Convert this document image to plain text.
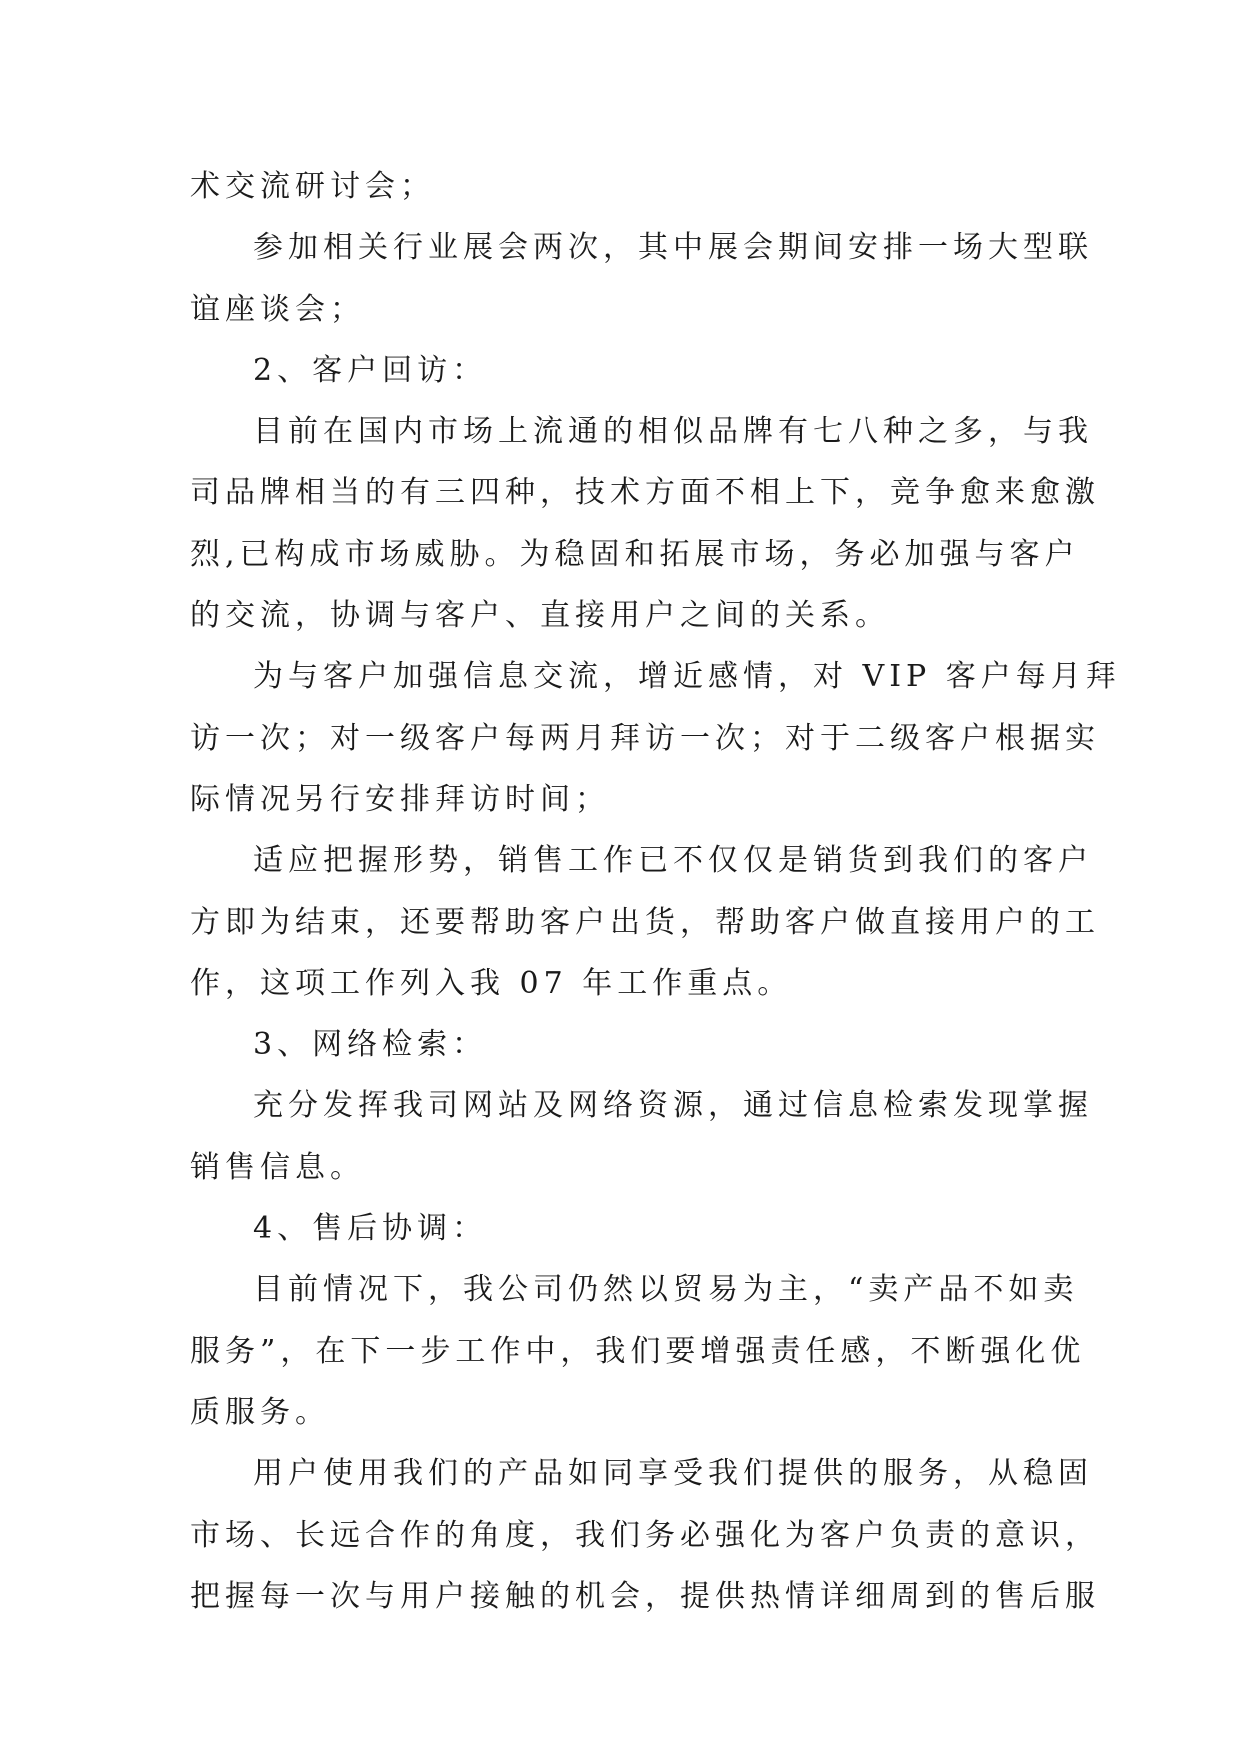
术交流研讨会；
参加相关行业展会两次，其中展会期间安排一场大型联
谊座谈会；
2、客户回访：
目前在国内市场上流通的相似品牌有七八种之多，与我
司品牌相当的有三四种，技术方面不相上下，竞争愈来愈激
烈,已构成市场威胁。为稳固和拓展市场，务必加强与客户
的交流，协调与客户、直接用户之间的关系。
为与客户加强信息交流，增近感情，对 VIP 客户每月拜
访一次；对一级客户每两月拜访一次；对于二级客户根据实
际情况另行安排拜访时间；
适应把握形势，销售工作已不仅仅是销货到我们的客户
方即为结束，还要帮助客户出货，帮助客户做直接用户的工
作，这项工作列入我 07 年工作重点。
3、网络检索：
充分发挥我司网站及网络资源，通过信息检索发现掌握
销售信息。
4、售后协调：
目前情况下，我公司仍然以贸易为主，“卖产品不如卖
服务”，在下一步工作中，我们要增强责任感，不断强化优
质服务。
用户使用我们的产品如同享受我们提供的服务，从稳固
市场、长远合作的角度，我们务必强化为客户负责的意识，
把握每一次与用户接触的机会，提供热情详细周到的售后服
